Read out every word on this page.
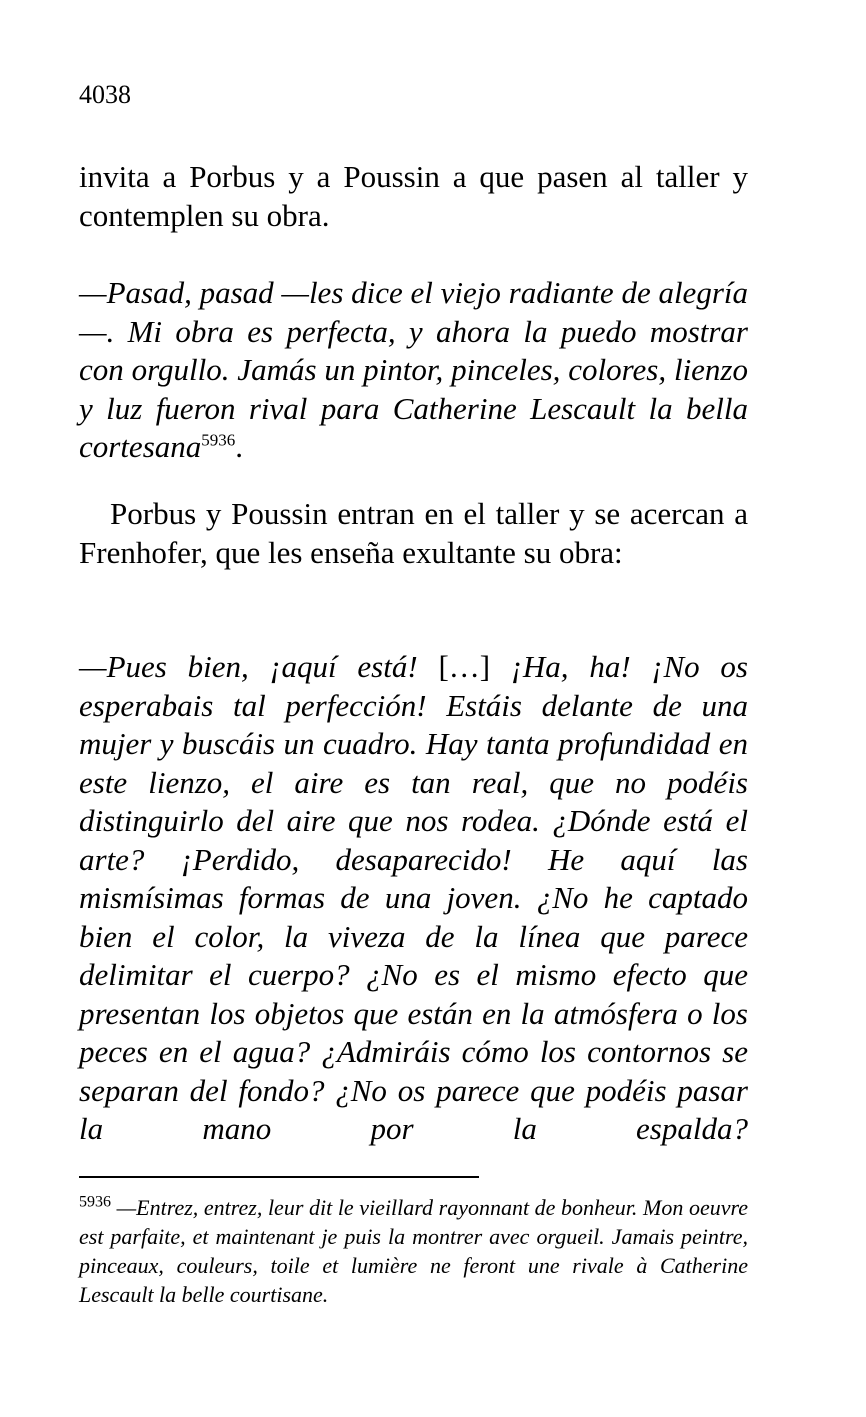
4038

invita a Porbus y a Poussin a que pasen al taller y contemplen su obra.

—Pasad, pasad —les dice el viejo radiante de alegría—. Mi obra es perfecta, y ahora la puedo mostrar con orgullo. Jamás un pintor, pinceles, colores, lienzo y luz fueron rival para Catherine Lescault la bella cortesana$^{5936}$.

Porbus y Poussin entran en el taller y se acercan a Frenhofer, que les enseña exultante su obra:

—Pues bien, ¡aquí está! […] ¡Ha, ha! ¡No os esperabais tal perfección! Estáis delante de una mujer y buscáis un cuadro. Hay tanta profundidad en este lienzo, el aire es tan real, que no podéis distinguirlo del aire que nos rodea. ¿Dónde está el arte? ¡Perdido, desaparecido! He aquí las mismísimas formas de una joven. ¿No he captado bien el color, la viveza de la línea que parece delimitar el cuerpo? ¿No es el mismo efecto que presentan los objetos que están en la atmósfera o los peces en el agua? ¿Admiráis cómo los contornos se separan del fondo? ¿No os parece que podéis pasar la mano por la espalda?

$^{5936}$ —Entrez, entrez, leur dit le vieillard rayonnant de bonheur. Mon oeuvre est parfaite, et maintenant je puis la montrer avec orgueil. Jamais peintre, pinceaux, couleurs, toile et lumière ne feront une rivale à Catherine Lescault la belle courtisane.
